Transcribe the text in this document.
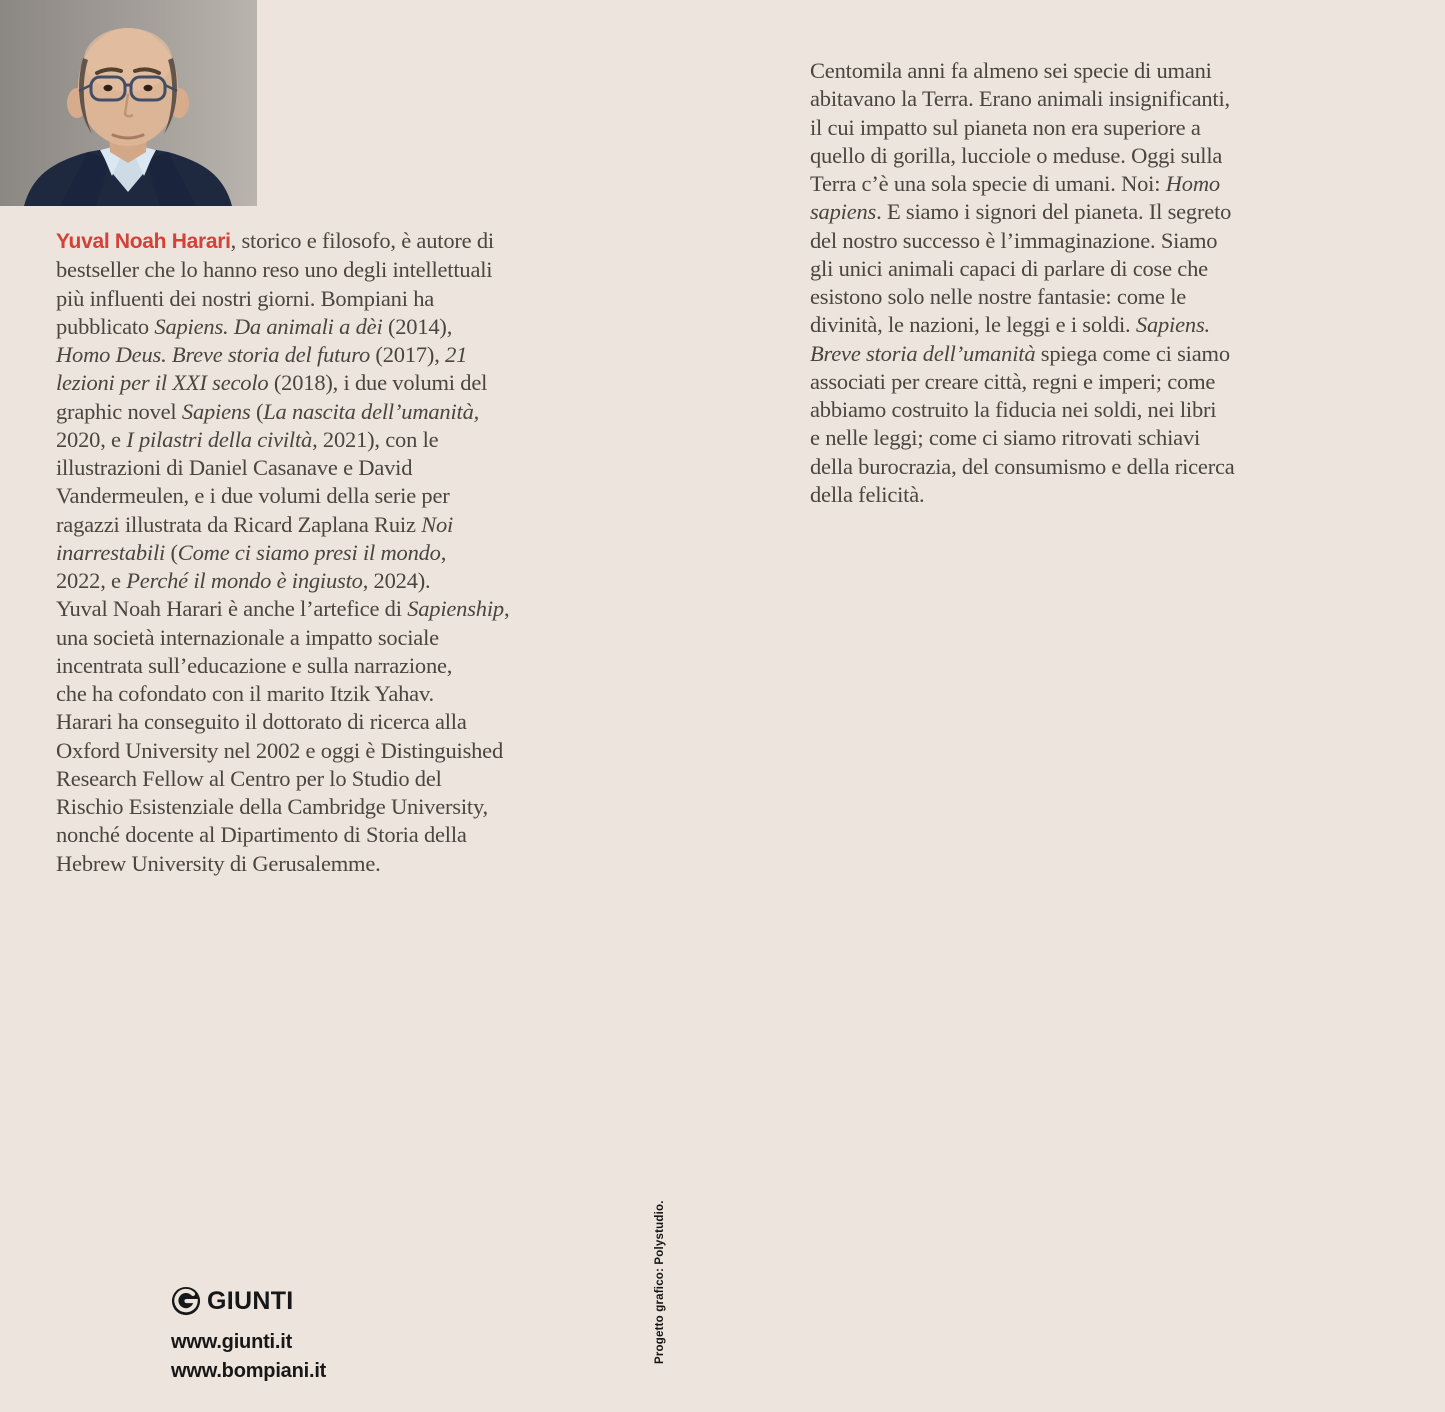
Yuval Noah Harari, storico e filosofo, è autore di
bestseller che lo hanno reso uno degli intellettuali
più influenti dei nostri giorni. Bompiani ha
pubblicato Sapiens. Da animali a dèi (2014),
Homo Deus. Breve storia del futuro (2017), 21
lezioni per il XXI secolo (2018), i due volumi del
graphic novel Sapiens (La nascita dell’umanità,
2020, e I pilastri della civiltà, 2021), con le
illustrazioni di Daniel Casanave e David
Vandermeulen, e i due volumi della serie per
ragazzi illustrata da Ricard Zaplana Ruiz Noi
inarrestabili (Come ci siamo presi il mondo,
2022, e Perché il mondo è ingiusto, 2024).
Yuval Noah Harari è anche l’artefice di Sapienship,
una società internazionale a impatto sociale
incentrata sull’educazione e sulla narrazione,
che ha cofondato con il marito Itzik Yahav.
Harari ha conseguito il dottorato di ricerca alla
Oxford University nel 2002 e oggi è Distinguished
Research Fellow al Centro per lo Studio del
Rischio Esistenziale della Cambridge University,
nonché docente al Dipartimento di Storia della
Hebrew University di Gerusalemme.
Centomila anni fa almeno sei specie di umani
abitavano la Terra. Erano animali insignificanti,
il cui impatto sul pianeta non era superiore a
quello di gorilla, lucciole o meduse. Oggi sulla
Terra c’è una sola specie di umani. Noi: Homo
sapiens. E siamo i signori del pianeta. Il segreto
del nostro successo è l’immaginazione. Siamo
gli unici animali capaci di parlare di cose che
esistono solo nelle nostre fantasie: come le
divinità, le nazioni, le leggi e i soldi. Sapiens.
Breve storia dell’umanità spiega come ci siamo
associati per creare città, regni e imperi; come
abbiamo costruito la fiducia nei soldi, nei libri
e nelle leggi; come ci siamo ritrovati schiavi
della burocrazia, del consumismo e della ricerca
della felicità.
GIUNTI
www.giunti.it
www.bompiani.it
Progetto grafico: Polystudio.
